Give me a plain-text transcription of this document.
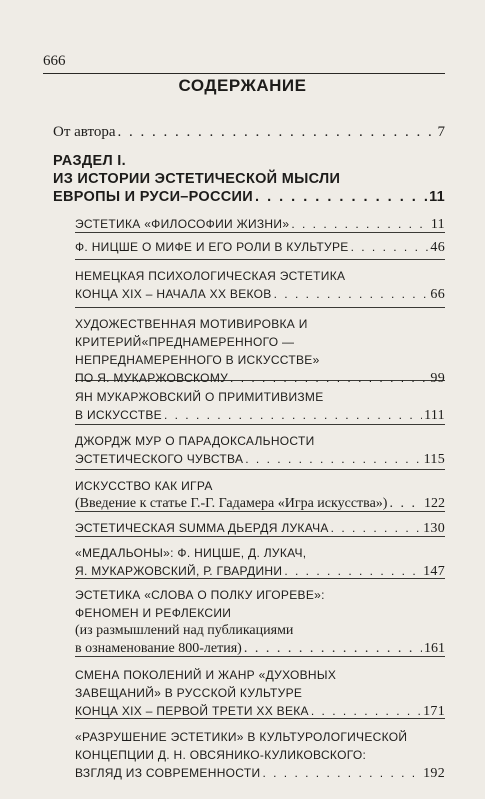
666
СОДЕРЖАНИЕ
От автора . . .	7
РАЗДЕЛ I.
ИЗ ИСТОРИИ ЭСТЕТИЧЕСКОЙ МЫСЛИ
ЕВРОПЫ И РУСИ–РОССИИ . . .	11
ЭСТЕТИКА «ФИЛОСОФИИ ЖИЗНИ» . . .	11
Ф. НИЦШЕ О МИФЕ И ЕГО РОЛИ В КУЛЬТУРЕ . . .	46
НЕМЕЦКАЯ ПСИХОЛОГИЧЕСКАЯ ЭСТЕТИКА
КОНЦА XIX – НАЧАЛА XX ВЕКОВ . . .	66
ХУДОЖЕСТВЕННАЯ МОТИВИРОВКА И
КРИТЕРИЙ«ПРЕДНАМЕРЕННОГО —
НЕПРЕДНАМЕРЕННОГО В ИСКУССТВЕ»
ПО Я. МУКАРЖОВСКОМУ . . .	99
ЯН МУКАРЖОВСКИЙ О ПРИМИТИВИЗМЕ
В ИСКУССТВЕ . . .	111
ДЖОРДЖ МУР О ПАРАДОКСАЛЬНОСТИ
ЭСТЕТИЧЕСКОГО ЧУВСТВА . . .	115
ИСКУССТВО КАК ИГРА
(Введение к статье Г.-Г. Гадамера «Игра искусства») . . .	122
ЭСТЕТИЧЕСКАЯ SUMMA ДЬЕРДЯ ЛУКАЧА . . .	130
«МЕДАЛЬОНЫ»: Ф. НИЦШЕ, Д. ЛУКАЧ,
Я. МУКАРЖОВСКИЙ, Р. ГВАРДИНИ . . .	147
ЭСТЕТИКА «СЛОВА О ПОЛКУ ИГОРЕВЕ»:
ФЕНОМЕН И РЕФЛЕКСИИ
(из размышлений над публикациями
в ознаменование 800-летия) . . .	161
СМЕНА ПОКОЛЕНИЙ И ЖАНР «ДУХОВНЫХ
ЗАВЕЩАНИЙ» В РУССКОЙ КУЛЬТУРЕ
КОНЦА XIX – ПЕРВОЙ ТРЕТИ XX ВЕКА . . .	171
«РАЗРУШЕНИЕ ЭСТЕТИКИ» В КУЛЬТУРОЛОГИЧЕСКОЙ
КОНЦЕПЦИИ Д. Н. ОВСЯНИКО-КУЛИКОВСКОГО:
ВЗГЛЯД ИЗ СОВРЕМЕННОСТИ . . .	192
